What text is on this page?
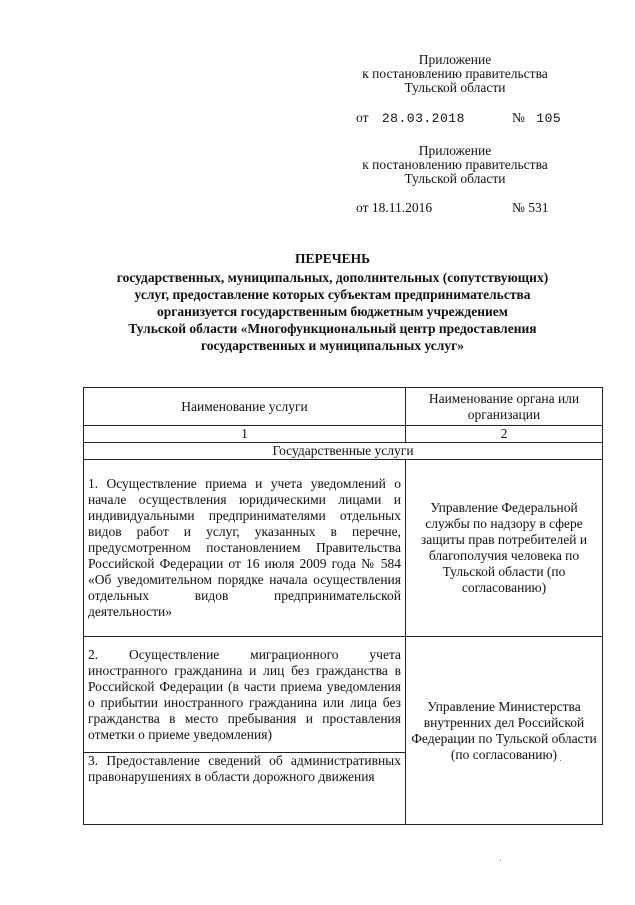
Приложение
к постановлению правительства
Тульской области
от 28.03.2018	№ 105
Приложение
к постановлению правительства
Тульской области
от 18.11.2016	№ 531
ПЕРЕЧЕНЬ
государственных, муниципальных, дополнительных (сопутствующих)
услуг, предоставление которых субъектам предпринимательства
организуется государственным бюджетным учреждением
Тульской области «Многофункциональный центр предоставления
государственных и муниципальных услуг»
Наименование услуги	Наименование органа или организации
1	2
Государственные услуги	
1. Осуществление приема и учета уведомлений о начале осуществления юридическими лицами и индивидуальными предпринимателями отдельных видов работ и услуг, указанных в перечне, предусмотренном постановлением Правительства Российской Федерации от 16 июля 2009 года № 584 «Об уведомительном порядке начала осуществления отдельных видов предпринимательской деятельности»	Управление Федеральной службы по надзору в сфере защиты прав потребителей и благополучия человека по Тульской области (по согласованию)
2. Осуществление миграционного учета иностранного гражданина и лиц без гражданства в Российской Федерации (в части приема уведомления о прибытии иностранного гражданина или лица без гражданства в место пребывания и проставления отметки о приеме уведомления)	Управление Министерства внутренних дел Российской Федерации по Тульской области (по согласованию)
3. Предоставление сведений об административных правонарушениях в области дорожного движения	
